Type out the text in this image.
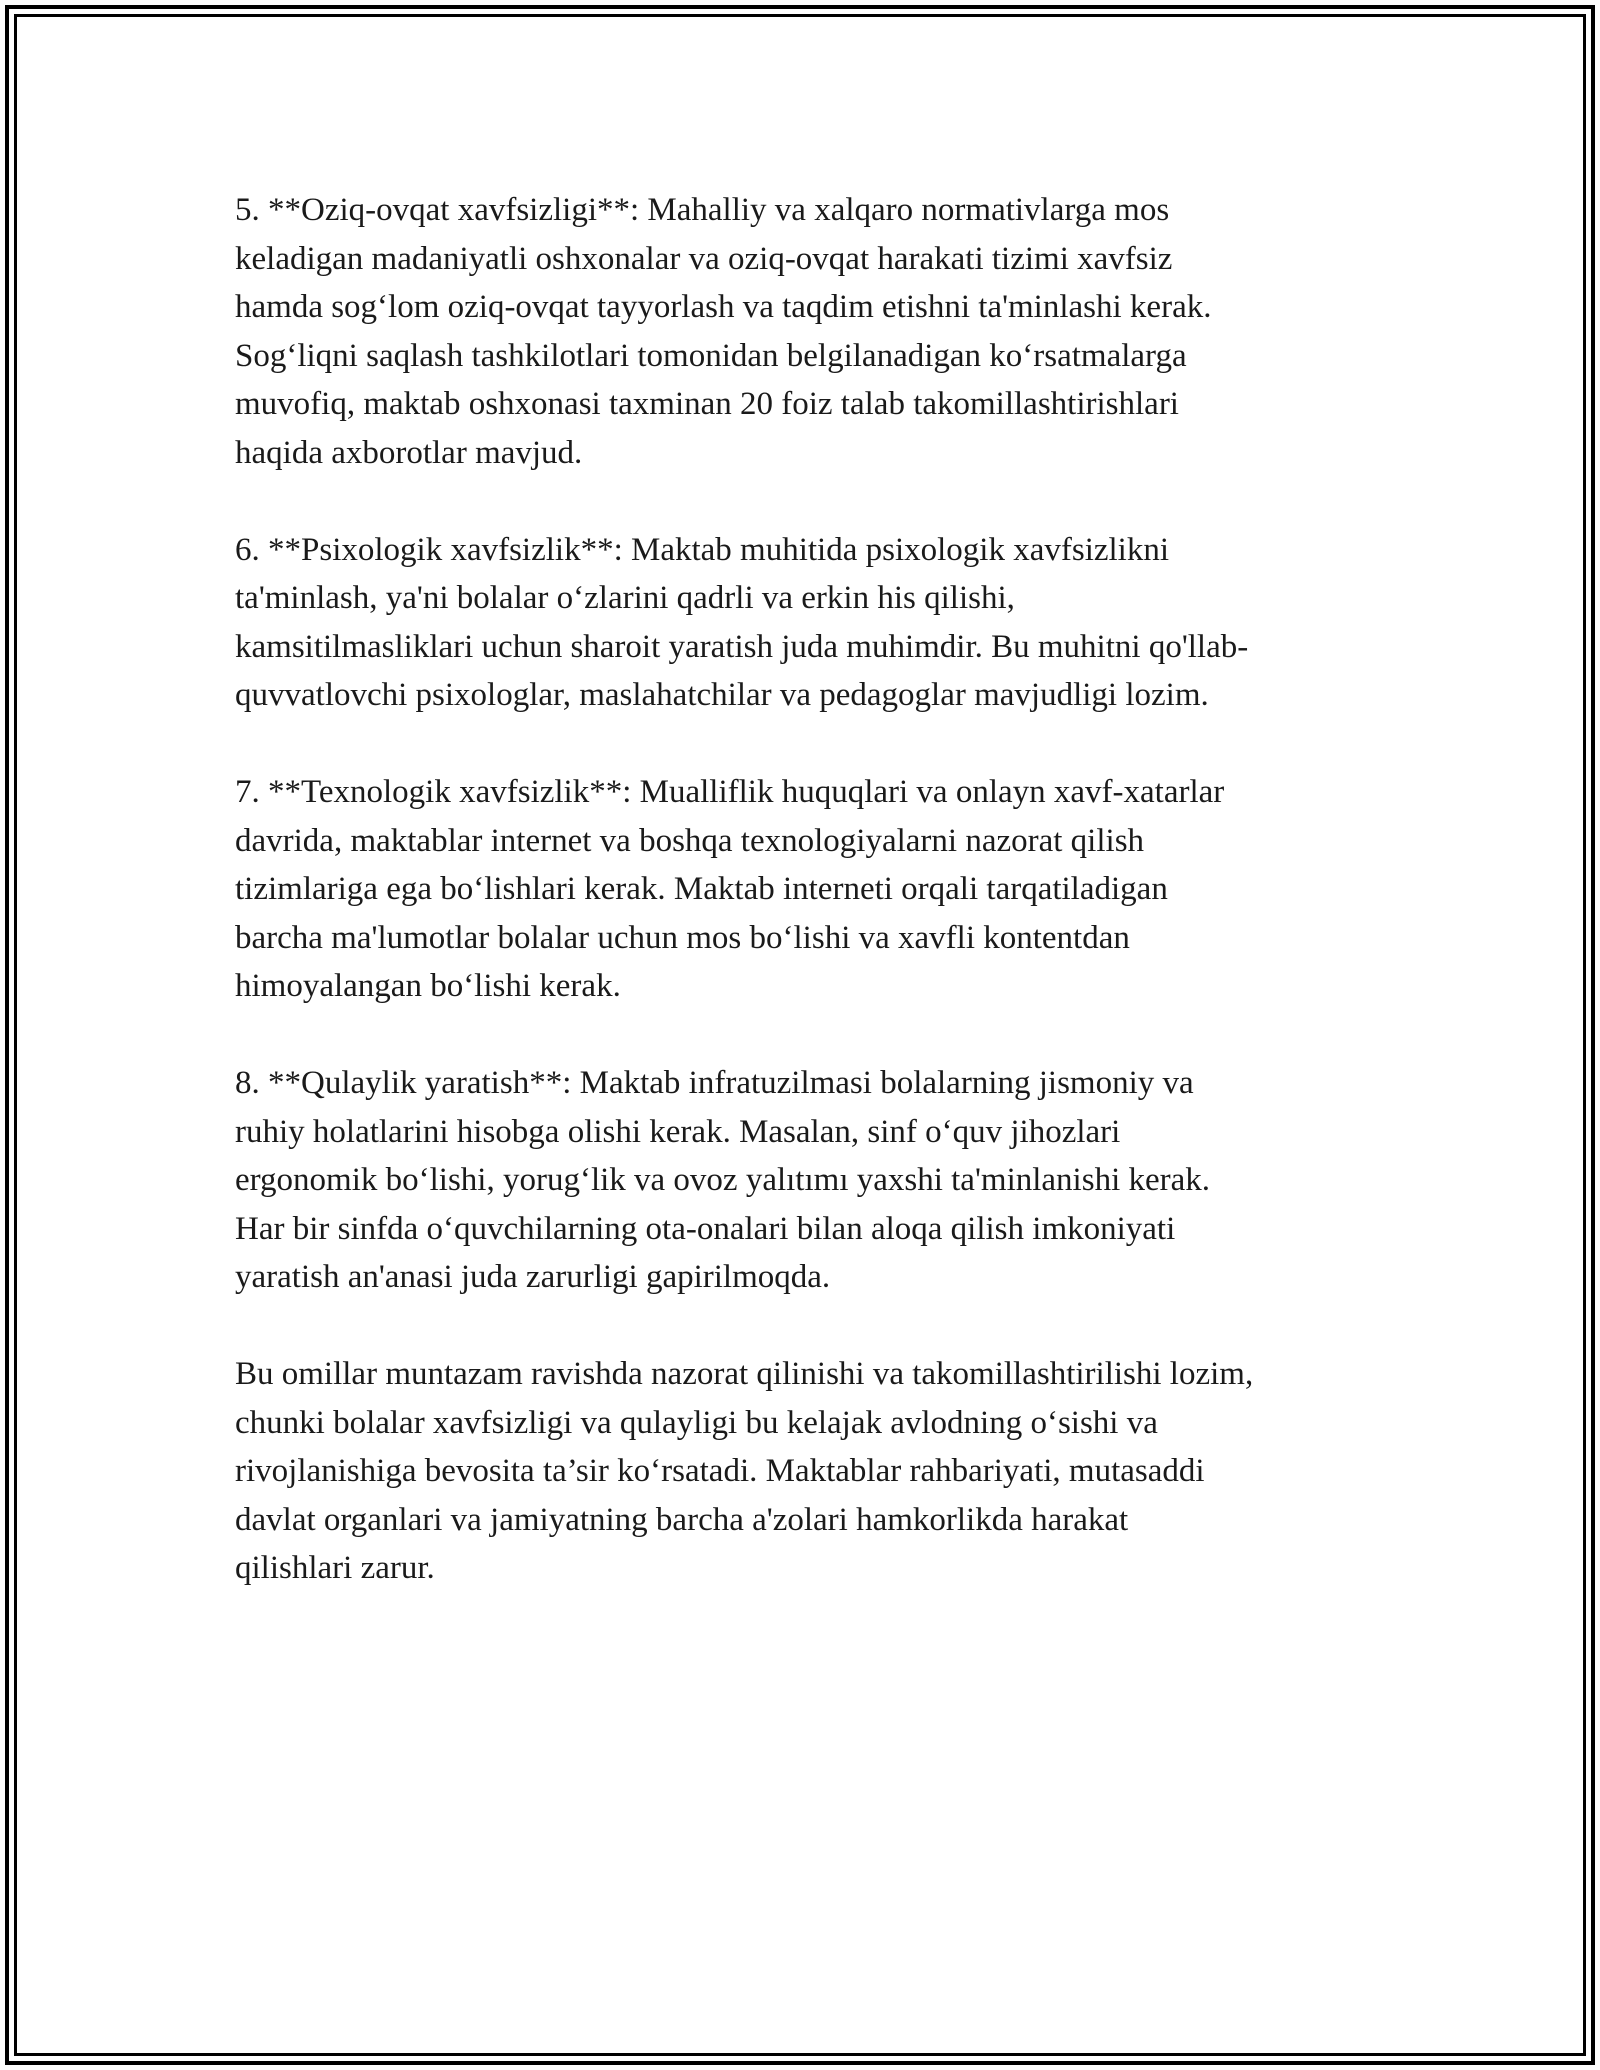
5. **Oziq-ovqat xavfsizligi**: Mahalliy va xalqaro normativlarga mos
keladigan madaniyatli oshxonalar va oziq-ovqat harakati tizimi xavfsiz
hamda sog‘lom oziq-ovqat tayyorlash va taqdim etishni ta'minlashi kerak.
Sog‘liqni saqlash tashkilotlari tomonidan belgilanadigan ko‘rsatmalarga
muvofiq, maktab oshxonasi taxminan 20 foiz talab takomillashtirishlari
haqida axborotlar mavjud.

6. **Psixologik xavfsizlik**: Maktab muhitida psixologik xavfsizlikni
ta'minlash, ya'ni bolalar o‘zlarini qadrli va erkin his qilishi,
kamsitilmasliklari uchun sharoit yaratish juda muhimdir. Bu muhitni qo'llab-
quvvatlovchi psixologlar, maslahatchilar va pedagoglar mavjudligi lozim.

7. **Texnologik xavfsizlik**: Mualliflik huquqlari va onlayn xavf-xatarlar
davrida, maktablar internet va boshqa texnologiyalarni nazorat qilish
tizimlariga ega bo‘lishlari kerak. Maktab interneti orqali tarqatiladigan
barcha ma'lumotlar bolalar uchun mos bo‘lishi va xavfli kontentdan
himoyalangan bo‘lishi kerak.

8. **Qulaylik yaratish**: Maktab infratuzilmasi bolalarning jismoniy va
ruhiy holatlarini hisobga olishi kerak. Masalan, sinf o‘quv jihozlari
ergonomik bo‘lishi, yorug‘lik va ovoz yalıtımı yaxshi ta'minlanishi kerak.
Har bir sinfda o‘quvchilarning ota-onalari bilan aloqa qilish imkoniyati
yaratish an'anasi juda zarurligi gapirilmoqda.

Bu omillar muntazam ravishda nazorat qilinishi va takomillashtirilishi lozim,
chunki bolalar xavfsizligi va qulayligi bu kelajak avlodning o‘sishi va
rivojlanishiga bevosita ta’sir ko‘rsatadi. Maktablar rahbariyati, mutasaddi
davlat organlari va jamiyatning barcha a'zolari hamkorlikda harakat
qilishlari zarur.
